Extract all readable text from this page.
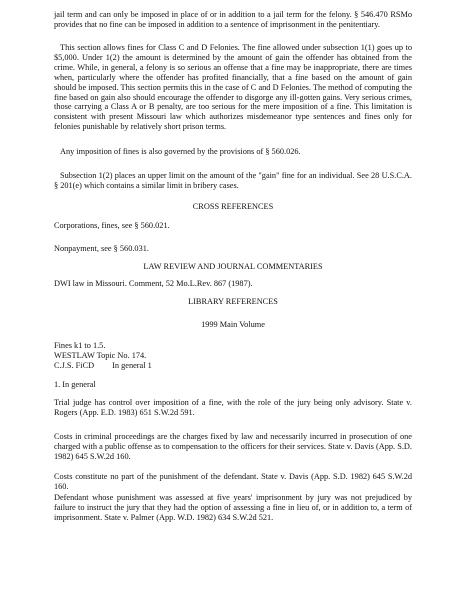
jail term and can only be imposed in place of or in addition to a jail term for the felony. § 546.470 RSMo provides that no fine can be imposed in addition to a sentence of imprisonment in the penitentiary.

This section allows fines for Class C and D Felonies. The fine allowed under subsection 1(1) goes up to $5,000. Under 1(2) the amount is determined by the amount of gain the offender has obtained from the crime. While, in general, a felony is so serious an offense that a fine may be inappropriate, there are times when, particularly where the offender has profited financially, that a fine based on the amount of gain should be imposed. This section permits this in the case of C and D Felonies. The method of computing the fine based on gain also should encourage the offender to disgorge any ill-gotten gains. Very serious crimes, those carrying a Class A or B penalty, are too serious for the mere imposition of a fine. This limitation is consistent with present Missouri law which authorizes misdemeanor type sentences and fines only for felonies punishable by relatively short prison terms.

Any imposition of fines is also governed by the provisions of § 560.026.

Subsection 1(2) places an upper limit on the amount of the "gain" fine for an individual. See 28 U.S.C.A. § 201(e) which contains a similar limit in bribery cases.

CROSS REFERENCES
Corporations, fines, see § 560.021.
Nonpayment, see § 560.031.
LAW REVIEW AND JOURNAL COMMENTARIES
DWI law in Missouri. Comment, 52 Mo.L.Rev. 867 (1987).
LIBRARY REFERENCES
1999 Main Volume
Fines k1 to 1.5.
WESTLAW Topic No. 174.
C.J.S. FiCD In general 1
1. In general

Trial judge has control over imposition of a fine, with the role of the jury being only advisory. State v. Rogers (App. E.D. 1983) 651 S.W.2d 591.

Costs in criminal proceedings are the charges fixed by law and necessarily incurred in prosecution of one charged with a public offense as to compensation to the officers for their services. State v. Davis (App. S.D. 1982) 645 S.W.2d 160.

Costs constitute no part of the punishment of the defendant. State v. Davis (App. S.D. 1982) 645 S.W.2d 160.

Defendant whose punishment was assessed at five years' imprisonment by jury was not prejudiced by failure to instruct the jury that they had the option of assessing a fine in lieu of, or in addition to, a term of imprisonment. State v. Palmer (App. W.D. 1982) 634 S.W.2d 521.
